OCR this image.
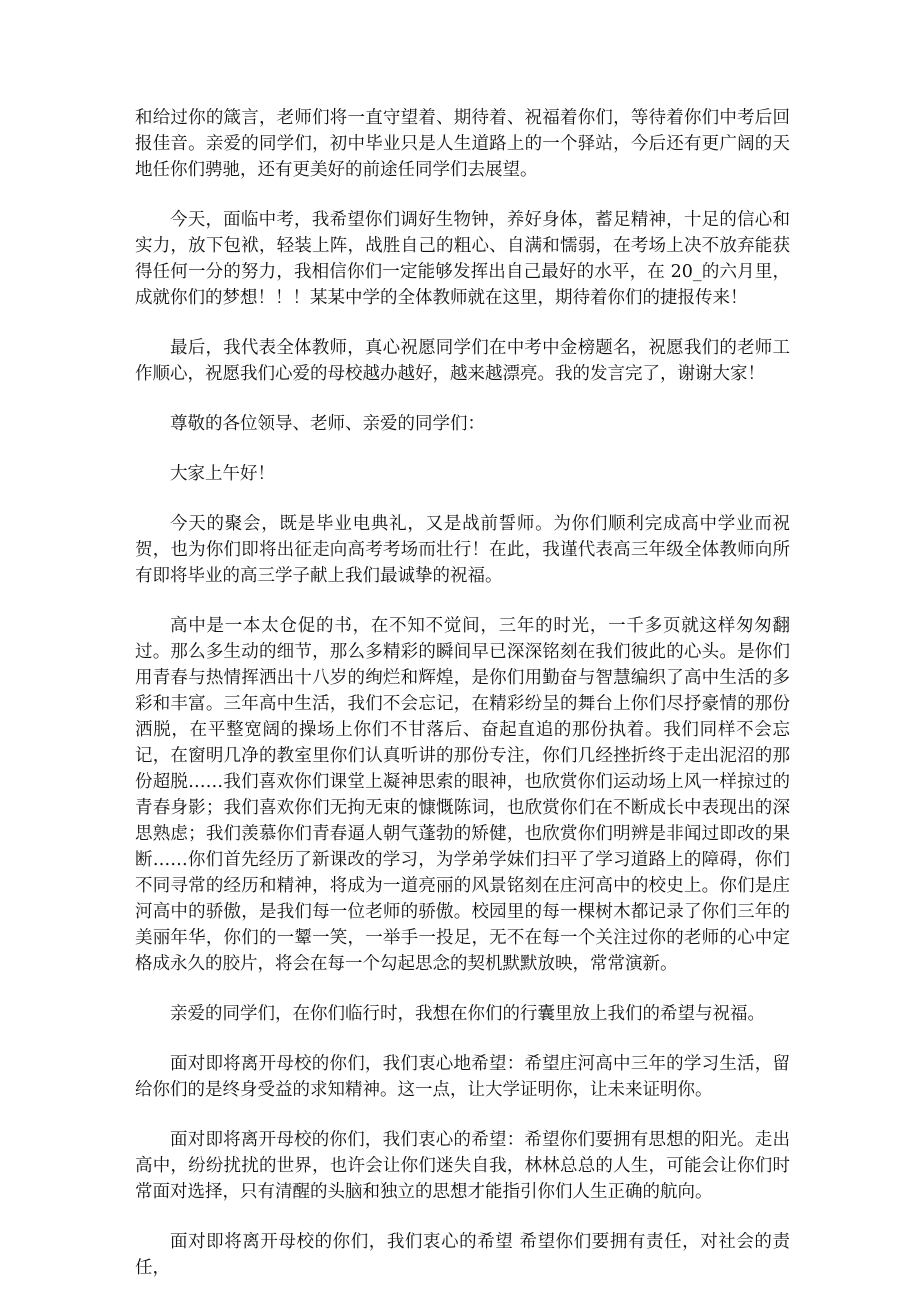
和给过你的箴言，老师们将一直守望着、期待着、祝福着你们，等待着你们中考后回报佳音。亲爱的同学们，初中毕业只是人生道路上的一个驿站，今后还有更广阔的天地任你们骋驰，还有更美好的前途任同学们去展望。

今天，面临中考，我希望你们调好生物钟，养好身体，蓄足精神，十足的信心和实力，放下包袱，轻装上阵，战胜自己的粗心、自满和懦弱，在考场上决不放弃能获得任何一分的努力，我相信你们一定能够发挥出自己最好的水平，在 20_的六月里，成就你们的梦想！！！某某中学的全体教师就在这里，期待着你们的捷报传来！

最后，我代表全体教师，真心祝愿同学们在中考中金榜题名，祝愿我们的老师工作顺心，祝愿我们心爱的母校越办越好，越来越漂亮。我的发言完了，谢谢大家！

尊敬的各位领导、老师、亲爱的同学们：

大家上午好！

今天的聚会，既是毕业电典礼，又是战前誓师。为你们顺利完成高中学业而祝贺，也为你们即将出征走向高考考场而壮行！在此，我谨代表高三年级全体教师向所有即将毕业的高三学子献上我们最诚挚的祝福。

高中是一本太仓促的书，在不知不觉间，三年的时光，一千多页就这样匆匆翻过。那么多生动的细节，那么多精彩的瞬间早已深深铭刻在我们彼此的心头。是你们用青春与热情挥洒出十八岁的绚烂和辉煌，是你们用勤奋与智慧编织了高中生活的多彩和丰富。三年高中生活，我们不会忘记，在精彩纷呈的舞台上你们尽抒豪情的那份洒脱，在平整宽阔的操场上你们不甘落后、奋起直追的那份执着。我们同样不会忘记，在窗明几净的教室里你们认真听讲的那份专注，你们几经挫折终于走出泥沼的那份超脱……我们喜欢你们课堂上凝神思索的眼神，也欣赏你们运动场上风一样掠过的青春身影；我们喜欢你们无拘无束的慷慨陈词，也欣赏你们在不断成长中表现出的深思熟虑；我们羡慕你们青春逼人朝气蓬勃的矫健，也欣赏你们明辨是非闻过即改的果断……你们首先经历了新课改的学习，为学弟学妹们扫平了学习道路上的障碍，你们不同寻常的经历和精神，将成为一道亮丽的风景铭刻在庄河高中的校史上。你们是庄河高中的骄傲，是我们每一位老师的骄傲。校园里的每一棵树木都记录了你们三年的美丽年华，你们的一颦一笑，一举手一投足，无不在每一个关注过你的老师的心中定格成永久的胶片，将会在每一个勾起思念的契机默默放映，常常演新。

亲爱的同学们，在你们临行时，我想在你们的行囊里放上我们的希望与祝福。

面对即将离开母校的你们，我们衷心地希望：希望庄河高中三年的学习生活，留给你们的是终身受益的求知精神。这一点，让大学证明你，让未来证明你。

面对即将离开母校的你们，我们衷心的希望：希望你们要拥有思想的阳光。走出高中，纷纷扰扰的世界，也许会让你们迷失自我，林林总总的人生，可能会让你们时常面对选择，只有清醒的头脑和独立的思想才能指引你们人生正确的航向。

面对即将离开母校的你们，我们衷心的希望 希望你们要拥有责任，对社会的责任，
